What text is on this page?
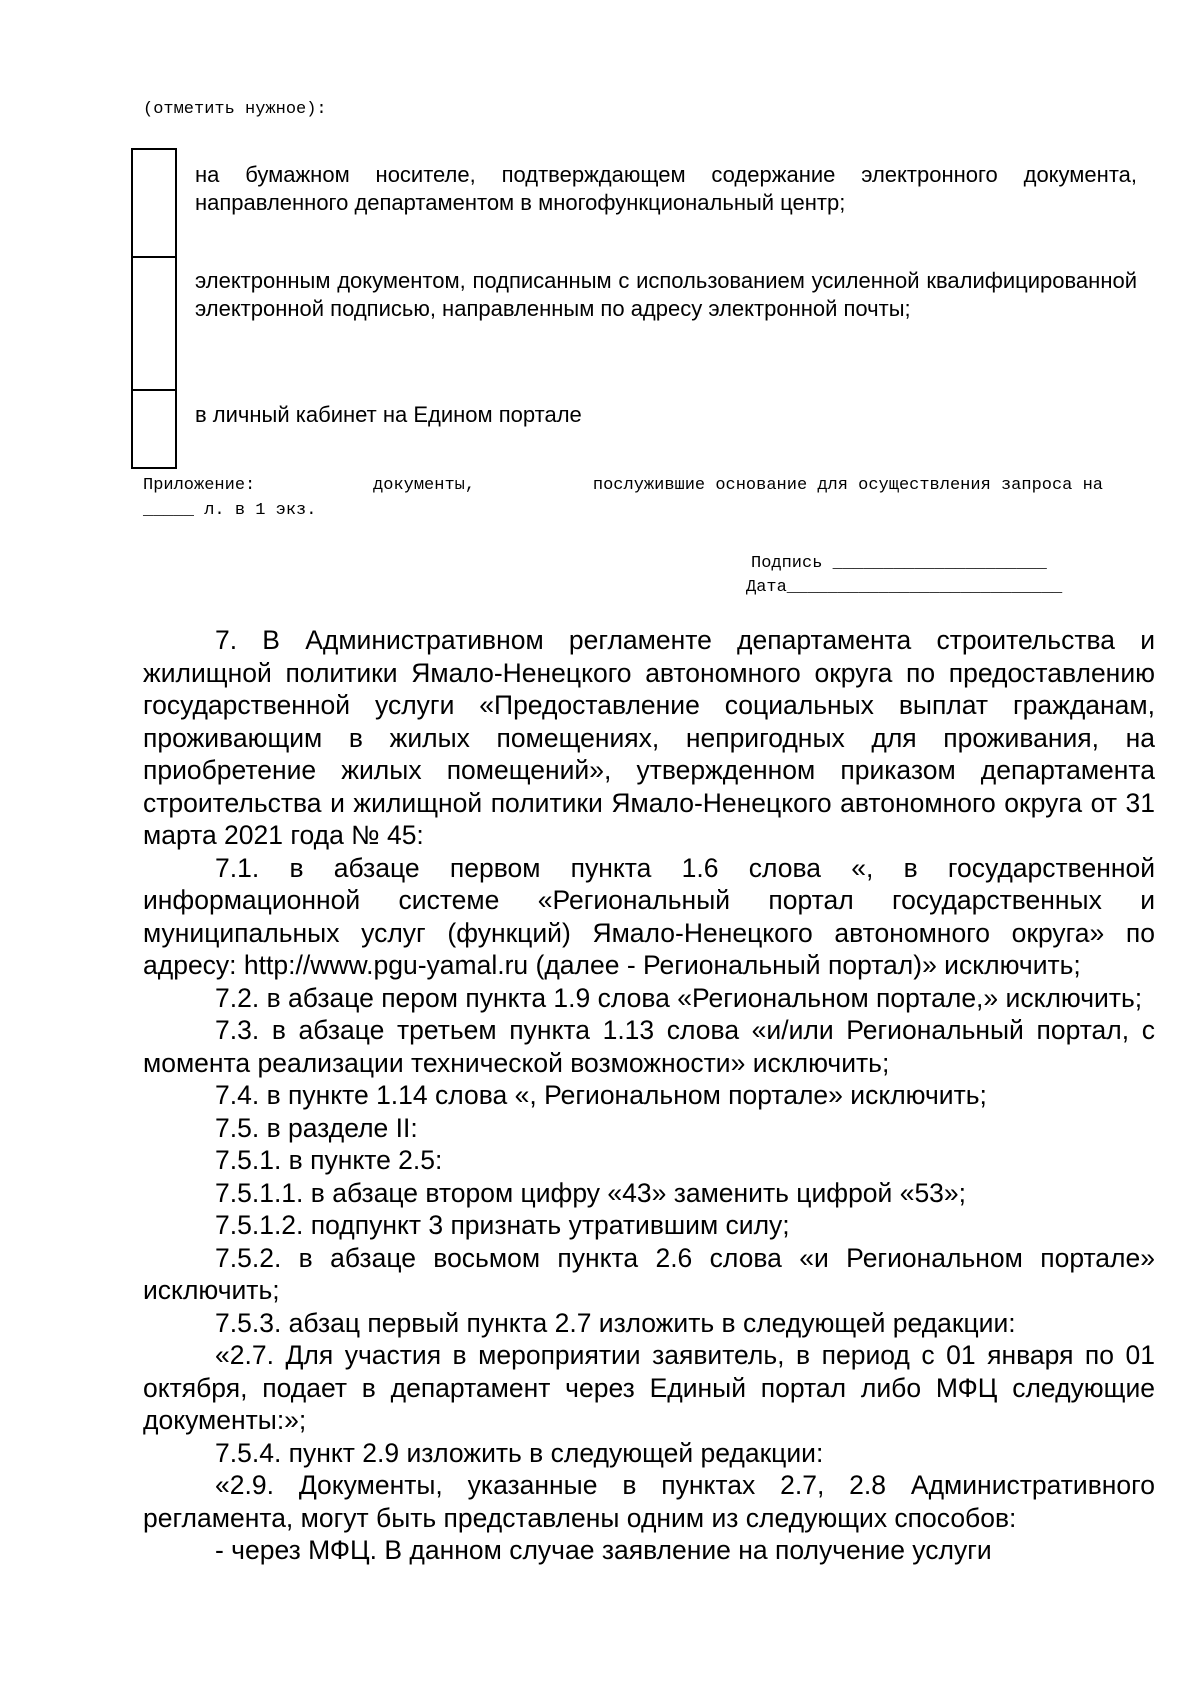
(отметить нужное):
	на бумажном носителе, подтверждающем содержание электронного документа, направленного департаментом в многофункциональный центр;
	электронным документом, подписанным с использованием усиленной квалифицированной электронной подписью, направленным по адресу электронной почты;
	в личный кабинет на Едином портале
Приложение:	документы,	послужившие основание для осуществления запроса на
_____ л. в 1 экз.
Подпись _____________________
Дата___________________________

7. В Административном регламенте департамента строительства и жилищной политики Ямало-Ненецкого автономного округа по предоставлению государственной услуги «Предоставление социальных выплат гражданам, проживающим в жилых помещениях, непригодных для проживания, на приобретение жилых помещений», утвержденном приказом департамента строительства и жилищной политики Ямало-Ненецкого автономного округа от 31 марта 2021 года № 45:

7.1. в абзаце первом пункта 1.6 слова «, в государственной информационной системе «Региональный портал государственных и муниципальных услуг (функций) Ямало-Ненецкого автономного округа» по адресу: http://www.pgu-yamal.ru (далее - Региональный портал)» исключить;

7.2. в абзаце пером пункта 1.9 слова «Региональном портале,» исключить;

7.3. в абзаце третьем пункта 1.13 слова «и/или Региональный портал, с момента реализации технической возможности» исключить;

7.4. в пункте 1.14 слова «, Региональном портале» исключить;

7.5. в разделе II:

7.5.1. в пункте 2.5:

7.5.1.1. в абзаце втором цифру «43» заменить цифрой «53»;

7.5.1.2. подпункт 3 признать утратившим силу;

7.5.2. в абзаце восьмом пункта 2.6 слова «и Региональном портале» исключить;

7.5.3. абзац первый пункта 2.7 изложить в следующей редакции:

«2.7. Для участия в мероприятии заявитель, в период с 01 января по 01 октября, подает в департамент через Единый портал либо МФЦ следующие документы:»;

7.5.4. пункт 2.9 изложить в следующей редакции:

«2.9. Документы, указанные в пунктах 2.7, 2.8 Административного регламента, могут быть представлены одним из следующих способов:

- через МФЦ. В данном случае заявление на получение услуги
